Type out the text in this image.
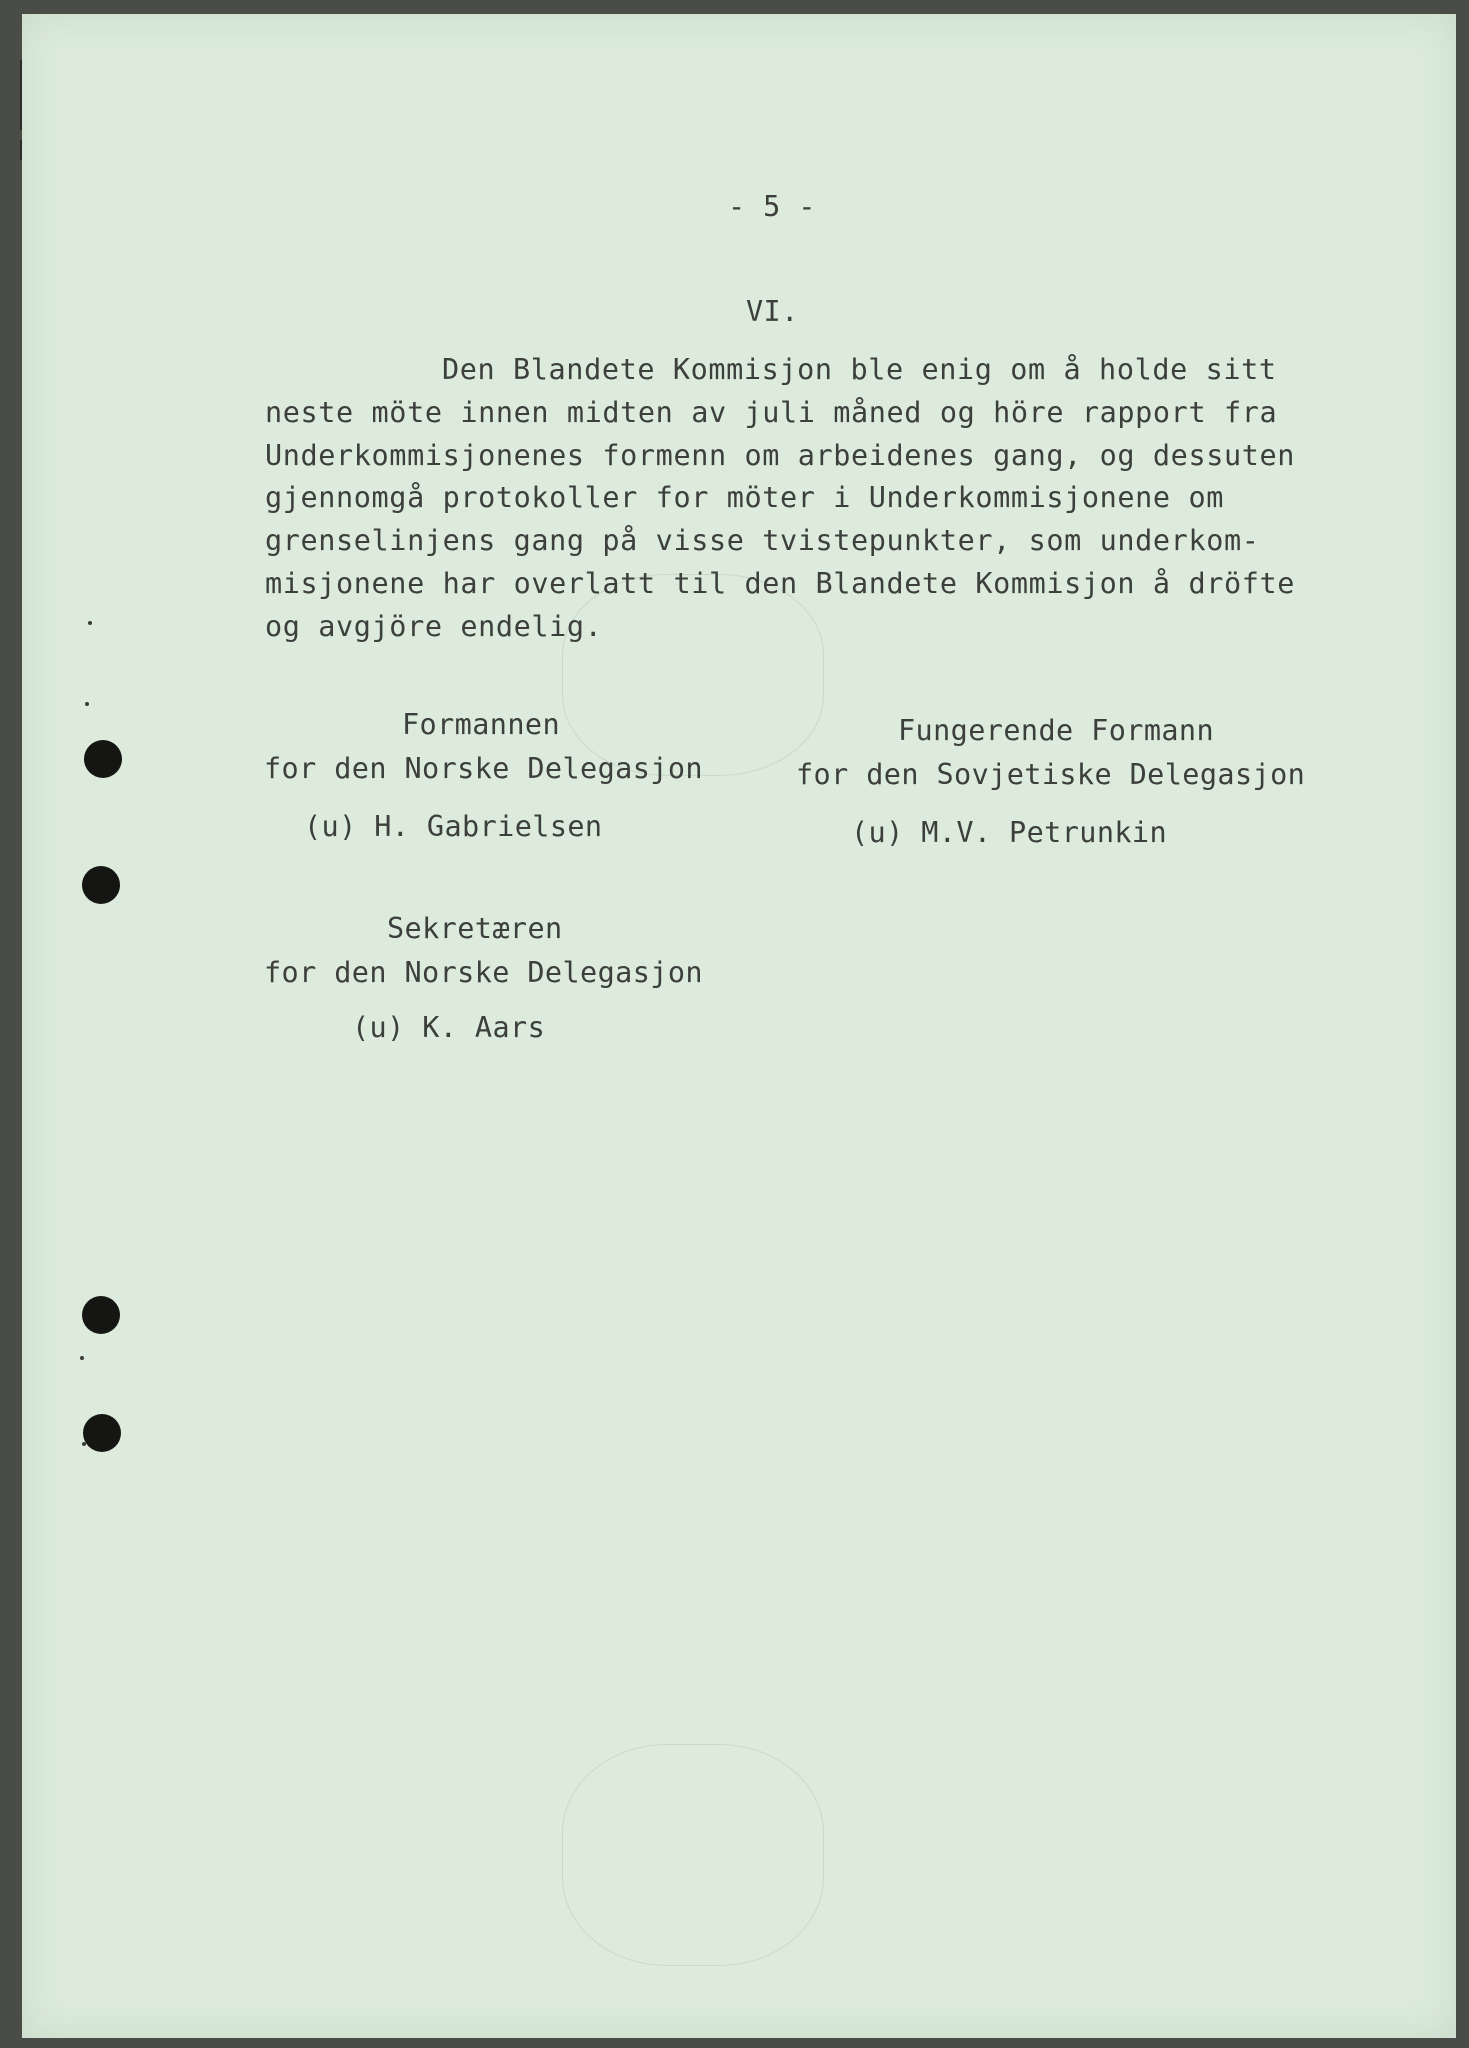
- 5 -
VI.
Den Blandete Kommisjon ble enig om å holde sitt
neste möte innen midten av juli måned og höre rapport fra
Underkommisjonenes formenn om arbeidenes gang, og dessuten
gjennomgå protokoller for möter i Underkommisjonene om
grenselinjens gang på visse tvistepunkter, som underkom-
misjonene har overlatt til den Blandete Kommisjon å dröfte
og avgjöre endelig.
Formannen
for den Norske Delegasjon
(u) H. Gabrielsen
Fungerende Formann
for den Sovjetiske Delegasjon
(u) M.V. Petrunkin
Sekretæren
for den Norske Delegasjon
(u) K. Aars
